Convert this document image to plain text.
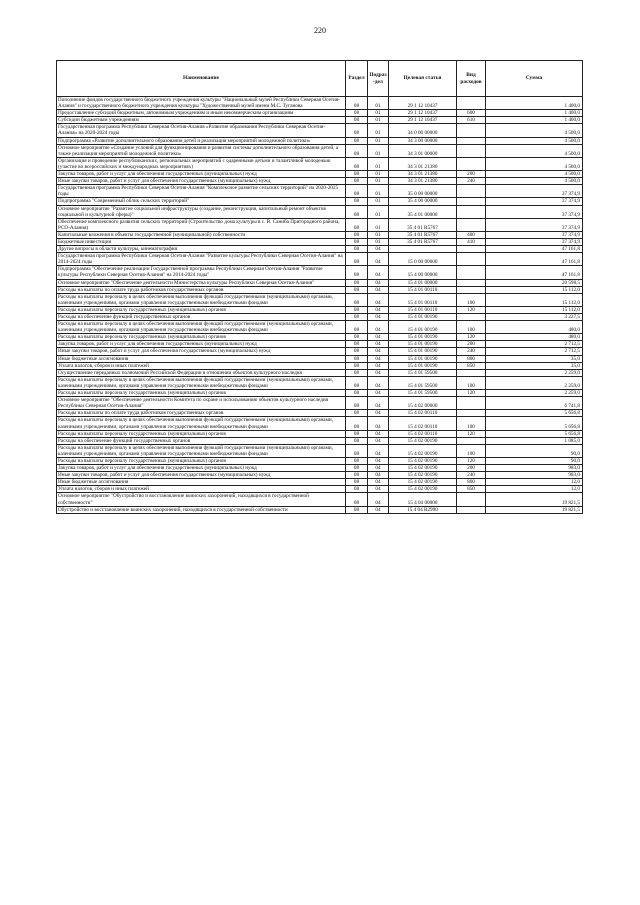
220
Наименование	Раздел	Подраз-дел	Целевая статья	Вид расходов	Сумма
Пополнение фондов государственного бюджетного учреждения культуры "Национальный музей Республики Северная Осетия-Алания" и государственного бюджетного учреждения культуры "Художественный музей имени М.С. Туганова	08	01	29 1 12 10437		1 400,0
Предоставление субсидий бюджетным, автономным учреждениям и иным некоммерческим организациям	08	01	29 1 12 10437	600	1 400,0
Субсидии бюджетным учреждениям	08	01	29 1 12 10437	610	1 400,0
Государственная программа Республики Северная Осетия-Алания «Развитие образования Республики Северная Осетия-Алания» на 2020-2024 годы	08	01	34 0 00 00000		4 500,0
Подпрограмма «Развитие дополнительного образования детей и реализация мероприятий молодежной политики»	08	01	34 3 00 00000		4 500,0
Основное мероприятие «Создание условий для функционирования и развития системы дополнительного образования детей, а также реализация мероприятий молодежной политики»	08	01	34 3 01 00000		4 500,0
Организация и проведение республиканских, региональных мероприятий с одаренными детьми и талантливой молодежью (участие во всероссийских и международных мероприятиях)	08	01	34 3 01 21380		4 500,0
Закупка товаров, работ и услуг для обеспечения государственных (муниципальных) нужд	08	01	34 3 01 21380	200	4 500,0
Иные закупки товаров, работ и услуг для обеспечения государственных (муниципальных) нужд	08	01	34 3 01 21380	240	4 500,0
Государственная программа Республики Северная Осетия-Алания "Комплексное развитие сельских территорий" на 2020-2025 годы	08	01	35 0 00 00000		37 374,9
Подпрограмма "Современный облик сельских территорий"	08	01	35 4 00 00000		37 374,9
Основное мероприятие "Развитие социальной инфраструктуры (создание, реконструкция, капитальный ремонт объектов социальной и культурной сферы)"	08	01	35 4 01 00000		37 374,9
Обеспечение комплексного развития сельских территорий (Строительство дома культуры в с. В. Саниба Пригородного района, РСО-Алания)	08	01	35 4 01 R5767		37 374,9
Капитальные вложения в объекты государственной (муниципальной) собственности	08	01	35 4 01 R5767	400	37 374,9
Бюджетные инвестиции	08	01	35 4 01 R5767	410	37 374,9
Другие вопросы в области культуры, кинематографии	08	04			47 161,8
Государственная программа Республики Северная Осетия-Алания "Развитие культуры Республики Северная Осетия-Алания" на 2014-2024 годы	08	04	15 0 00 00000		47 161,8
Подпрограмма "Обеспечение реализации Государственной программы Республики Северная Осетия-Алания "Развитие культуры Республики Северная Осетия-Алания" на 2014-2024 годы"	08	04	15 4 00 00000		47 161,8
Основное мероприятие "Обеспечение деятельности Министерства культуры Республики Северная Осетия-Алания"	08	04	15 4 01 00000		20 598,5
Расходы на выплаты по оплате труда работников государственных органов	08	04	15 4 01 00110		15 112,0
Расходы на выплаты персоналу в целях обеспечения выполнения функций государственными (муниципальными) органами, казенными учреждениями, органами управления государственными внебюджетными фондами	08	04	15 4 01 00110	100	15 112,0
Расходы на выплаты персоналу государственных (муниципальных) органов	08	04	15 4 01 00110	120	15 112,0
Расходы на обеспечение функций государственных органов	08	04	15 4 01 00190		3 227,5
Расходы на выплаты персоналу в целях обеспечения выполнения функций государственными (муниципальными) органами, казенными учреждениями, органами управления государственными внебюджетными фондами	08	04	15 4 01 00190	100	480,0
Расходы на выплаты персоналу государственных (муниципальных) органов	08	04	15 4 01 00190	120	480,0
Закупка товаров, работ и услуг для обеспечения государственных (муниципальных) нужд	08	04	15 4 01 00190	200	2 712,5
Иные закупки товаров, работ и услуг для обеспечения государственных (муниципальных) нужд	08	04	15 4 01 00190	240	2 712,5
Иные бюджетные ассигнования	08	04	15 4 01 00190	800	35,0
Уплата налогов, сборов и иных платежей	08	04	15 4 01 00190	850	35,0
Осуществление переданных полномочий Российской Федерации в отношении объектов культурного наследия	08	04	15 4 01 59500		2 259,0
Расходы на выплаты персоналу в целях обеспечения выполнения функций государственными (муниципальными) органами, казенными учреждениями, органами управления государственными внебюджетными фондами	08	04	15 4 01 59500	100	2 259,0
Расходы на выплаты персоналу государственных (муниципальных) органов	08	04	15 4 01 59500	120	2 259,0
Основное мероприятие "Обеспечение деятельности Комитета по охране и использованию объектов культурного наследия Республики Северная Осетия-Алания"	08	04	15 4 02 00000		6 741,8
Расходы на выплаты по оплате труда работников государственных органов	08	04	15 4 02 00110		5 656,8
Расходы на выплаты персоналу в целях обеспечения выполнения функций государственными (муниципальными) органами, казенными учреждениями, органами управления государственными внебюджетными фондами	08	04	15 4 02 00110	100	5 656,8
Расходы на выплаты персоналу государственных (муниципальных) органов	08	04	15 4 02 00110	120	5 656,8
Расходы на обеспечение функций государственных органов	08	04	15 4 02 00190		1 085,0
Расходы на выплаты персоналу в целях обеспечения выполнения функций государственными (муниципальными) органами, казенными учреждениями, органами управления государственными внебюджетными фондами	08	04	15 4 02 00190	100	90,0
Расходы на выплаты персоналу государственных (муниципальных) органов	08	04	15 4 02 00190	120	90,0
Закупка товаров, работ и услуг для обеспечения государственных (муниципальных) нужд	08	04	15 4 02 00190	200	983,0
Иные закупки товаров, работ и услуг для обеспечения государственных (муниципальных) нужд	08	04	15 4 02 00190	240	983,0
Иные бюджетные ассигнования	08	04	15 4 02 00190	800	12,0
Уплата налогов, сборов и иных платежей	08	04	15 4 02 00190	850	12,0
Основное мероприятие "Обустройство и восстановление воинских захоронений, находящихся в государственной собственности"	08	04	15 4 04 00000		19 821,5
Обустройство и восстановление воинских захоронений, находящихся в государственной собственности	08	04	15 4 04 R2990		19 821,5
